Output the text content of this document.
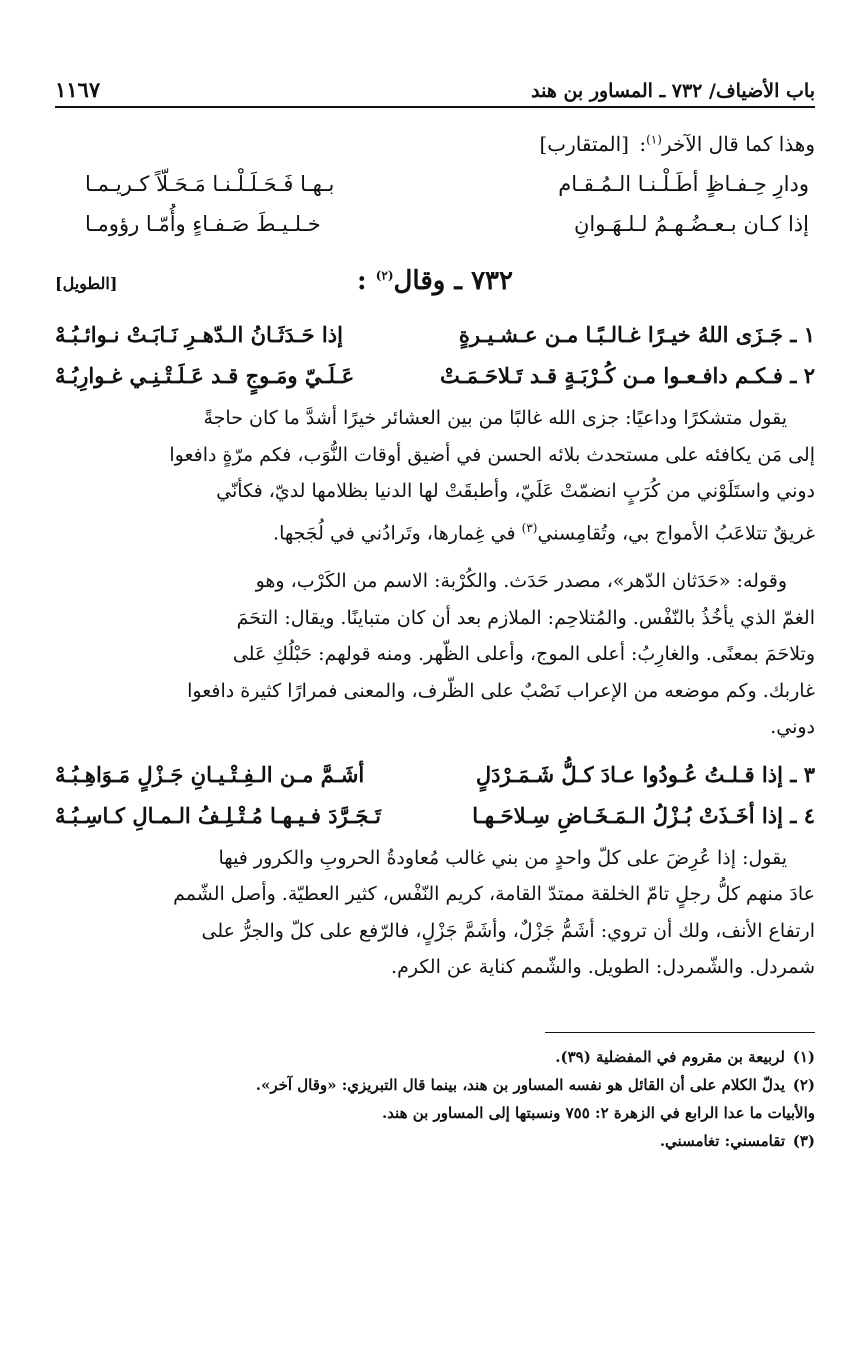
باب الأضياف/ ٧٣٢ ـ المساور بن هند
١١٦٧
وهذا كما قال الآخر$^{(١)}$: [المتقارب]
ودارِ حِـفـاظٍ أطَـلْـنـا الـمُـقـام
بـهـا فَـحَـلَـلْـنـا مَـحَـلّاً كـريـمـا
إذا كـان بـعـضُـهـمُ لـلـهَـوانِ
خـلـيـطَ صَـفـاءٍ وأُمّـا رؤومـا
٧٣٢ ـ وقال$^{(٢)}$ :
[الطويل]
١ ـ جَـزَى اللهُ خيـرًا غـالـبًـا مـن عـشـيـرةٍ
إذا حَـدَثَـانُ الـدّهـرِ نَـابَـتْ نـوائـبُـهْ
٢ ـ فـكـم دافـعـوا مـن كُـرْبَـةٍ قـد تَـلاحَـمَـتْ
عَـلَـيّ ومَـوجٍ قـد عَـلَـتْـنِـي غـوارِبُـهْ
يقول متشكرًا وداعيًا: جزى الله غالبًا من بين العشائر خيرًا أشدَّ ما كان حاجةً
إلى مَن يكافئه على مستحدث بلائه الحسن في أضيق أوقات النُّوَب، فكم مرّةٍ دافعوا
دوني واستَلَوْني من كُرَبٍ انضمّتْ عَلَيّ، وأطبقَتْ لها الدنيا بظلامها لديّ، فكأنّي
غريقٌ تتلاعَبُ الأمواج بي، وتُقامِسني$^{(٣)}$ في غِمارها، وتَرادُني في لُجَجها.
وقوله: «حَدَثان الدّهر»، مصدر حَدَث. والكُرْبة: الاسم من الكَرْب، وهو
الغمّ الذي يأخُذُ بالنّفْس. والمُتلاحِم: الملازم بعد أن كان متباينًا. ويقال: التحَمَ
وتلاحَمَ بمعنًى. والغارِبُ: أعلى الموج، وأعلى الظّهر. ومنه قولهم: حَبْلُكِ عَلى
غاربك. وكم موضعه من الإعراب نَصْبٌ على الظّرف، والمعنى فمرارًا كثيرة دافعوا
دوني.
٣ ـ إذا قـلـتُ عُـودُوا عـادَ كـلُّ شَـمَـرْدَلٍ
أشَـمَّ مـن الـفِـتْـيـانِ جَـزْلٍ مَـوَاهِـبُـهْ
٤ ـ إذا أخَـذَتْ بُـزْلُ الـمَـخَـاضِ سِـلاحَـهـا
تَـجَـرَّدَ فـيـهـا مُـتْـلِـفُ الـمـالِ كـاسِـبُـهْ
يقول: إذا عُرِضَ على كلّ واحدٍ من بني غالب مُعاودةُ الحروبِ والكرور فيها
عادَ منهم كلُّ رجلٍ تامّ الخلقة ممتدّ القامة، كريم النّفْس، كثير العطيّة. وأصل الشّمم
ارتفاع الأنف، ولك أن تروي: أشَمُّ جَزْلٌ، وأشَمَّ جَزْلٍ، فالرّفع على كلّ والجرُّ على
شمردل. والشّمردل: الطويل. والشّمم كناية عن الكرم.
(١)
لربيعة بن مقروم في المفضلية (٣٩).
(٢)
يدلّ الكلام على أن القائل هو نفسه المساور بن هند، بينما قال التبريزي: «وقال آخر».
والأبيات ما عدا الرابع في الزهرة ٢: ٧٥٥ ونسبتها إلى المساور بن هند.
(٣)
تقامسني: تغامسني.
